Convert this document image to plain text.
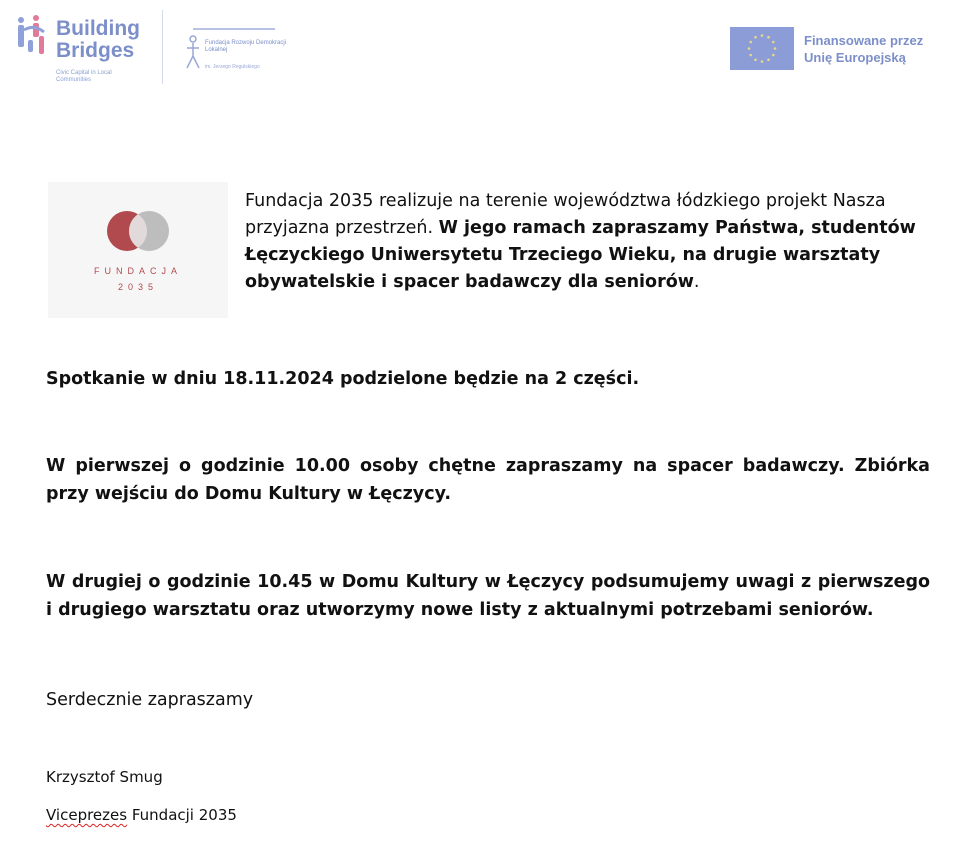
Building
Bridges
Civic Capital in Local Communities
Fundacja Rozwoju Demokracji Lokalnej
im. Jerzego Regulskiego
Finansowane przez
Unię Europejską
FUNDACJA
2035
Fundacja 2035 realizuje na terenie województwa łódzkiego projekt Nasza przyjazna przestrzeń. W jego ramach zapraszamy Państwa, studentów Łęczyckiego Uniwersytetu Trzeciego Wieku, na drugie warsztaty obywatelskie i spacer badawczy dla seniorów.
Spotkanie w dniu 18.11.2024 podzielone będzie na 2 części.
W pierwszej o godzinie 10.00 osoby chętne zapraszamy na spacer badawczy. Zbiórka przy wejściu do Domu Kultury w Łęczycy.
W drugiej o godzinie 10.45 w Domu Kultury w Łęczycy podsumujemy uwagi z pierwszego i drugiego warsztatu oraz utworzymy nowe listy z aktualnymi potrzebami seniorów.
Serdecznie zapraszamy
Krzysztof Smug
Viceprezes Fundacji 2035
